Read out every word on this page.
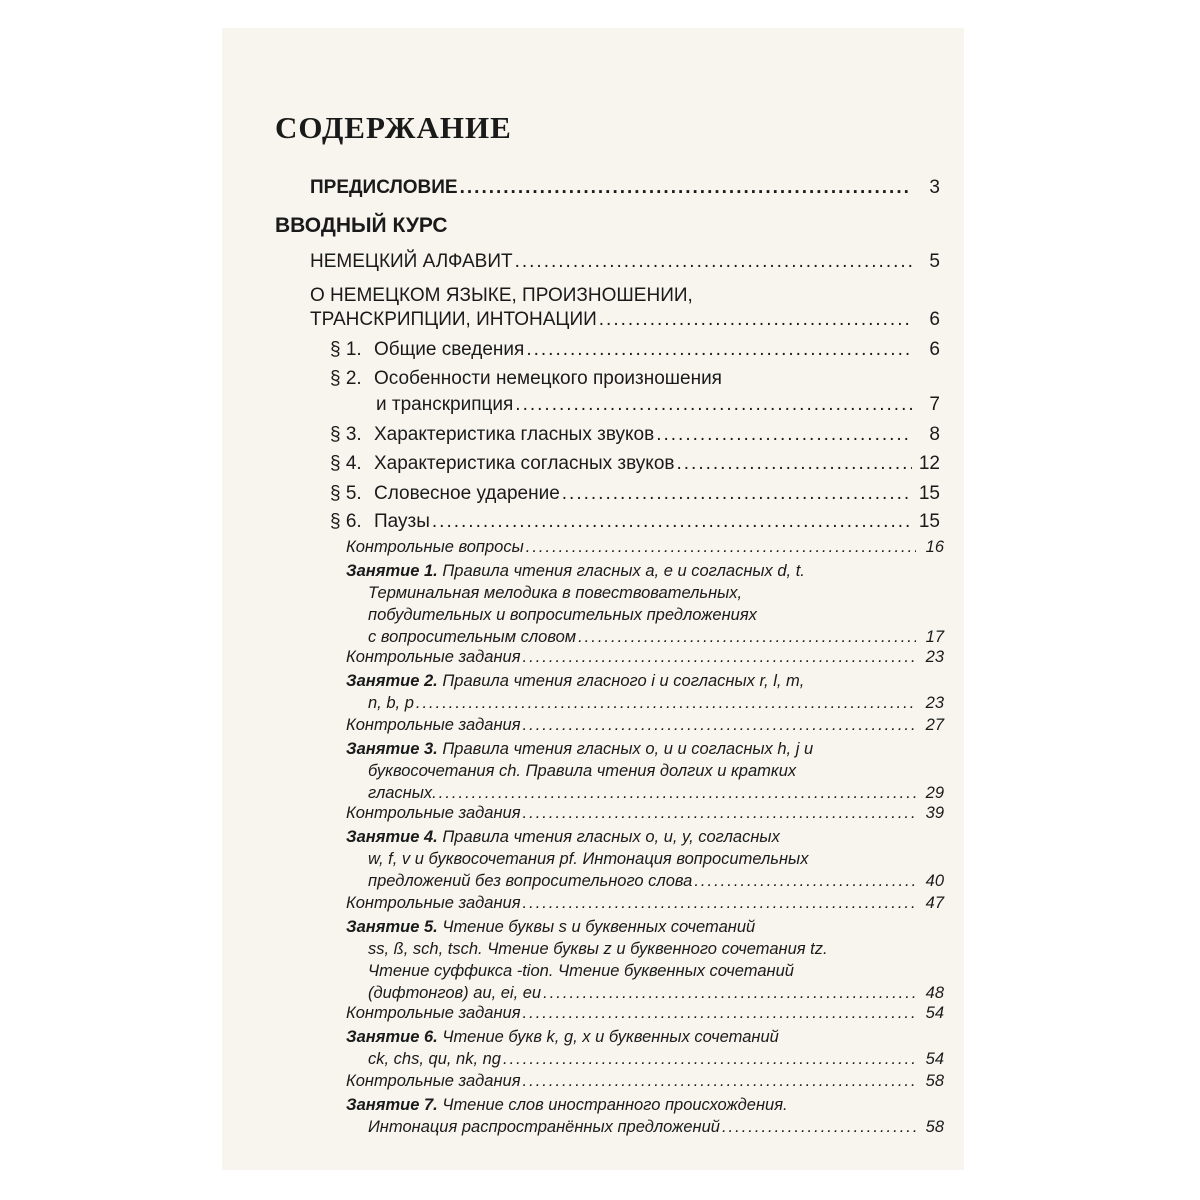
СОДЕРЖАНИЕ
ПРЕДИСЛОВИЕ .....	3
ВВОДНЫЙ КУРС
НЕМЕЦКИЙ АЛФАВИТ .....	5
О НЕМЕЦКОМ ЯЗЫКЕ, ПРОИЗНОШЕНИИ,
ТРАНСКРИПЦИИ, ИНТОНАЦИИ .....	6
§ 1. Общие сведения .....	6
§ 2. Особенности немецкого произношения
и транскрипция .....	7
§ 3. Характеристика гласных звуков .....	8
§ 4. Характеристика согласных звуков .....	12
§ 5. Словесное ударение .....	15
§ 6. Паузы .....	15
Контрольные вопросы .....	16
Занятие 1. Правила чтения гласных a, e и согласных d, t.
Терминальная мелодика в повествовательных,
побудительных и вопросительных предложениях
с вопросительным словом .....	17
Контрольные задания .....	23
Занятие 2. Правила чтения гласного i и согласных r, l, m,
n, b, p .....	23
Контрольные задания .....	27
Занятие 3. Правила чтения гласных o, u и согласных h, j и
буквосочетания ch. Правила чтения долгих и кратких
гласных. .....	29
Контрольные задания .....	39
Занятие 4. Правила чтения гласных o, u, y, согласных
w, f, v и буквосочетания pf. Интонация вопросительных
предложений без вопросительного слова .....	40
Контрольные задания .....	47
Занятие 5. Чтение буквы s и буквенных сочетаний
ss, ß, sch, tsch. Чтение буквы z и буквенного сочетания tz.
Чтение суффикса -tion. Чтение буквенных сочетаний
(дифтонгов) au, ei, eu .....	48
Контрольные задания .....	54
Занятие 6. Чтение букв k, g, x и буквенных сочетаний
ck, chs, qu, nk, ng .....	54
Контрольные задания .....	58
Занятие 7. Чтение слов иностранного происхождения.
Интонация распространённых предложений .....	58
